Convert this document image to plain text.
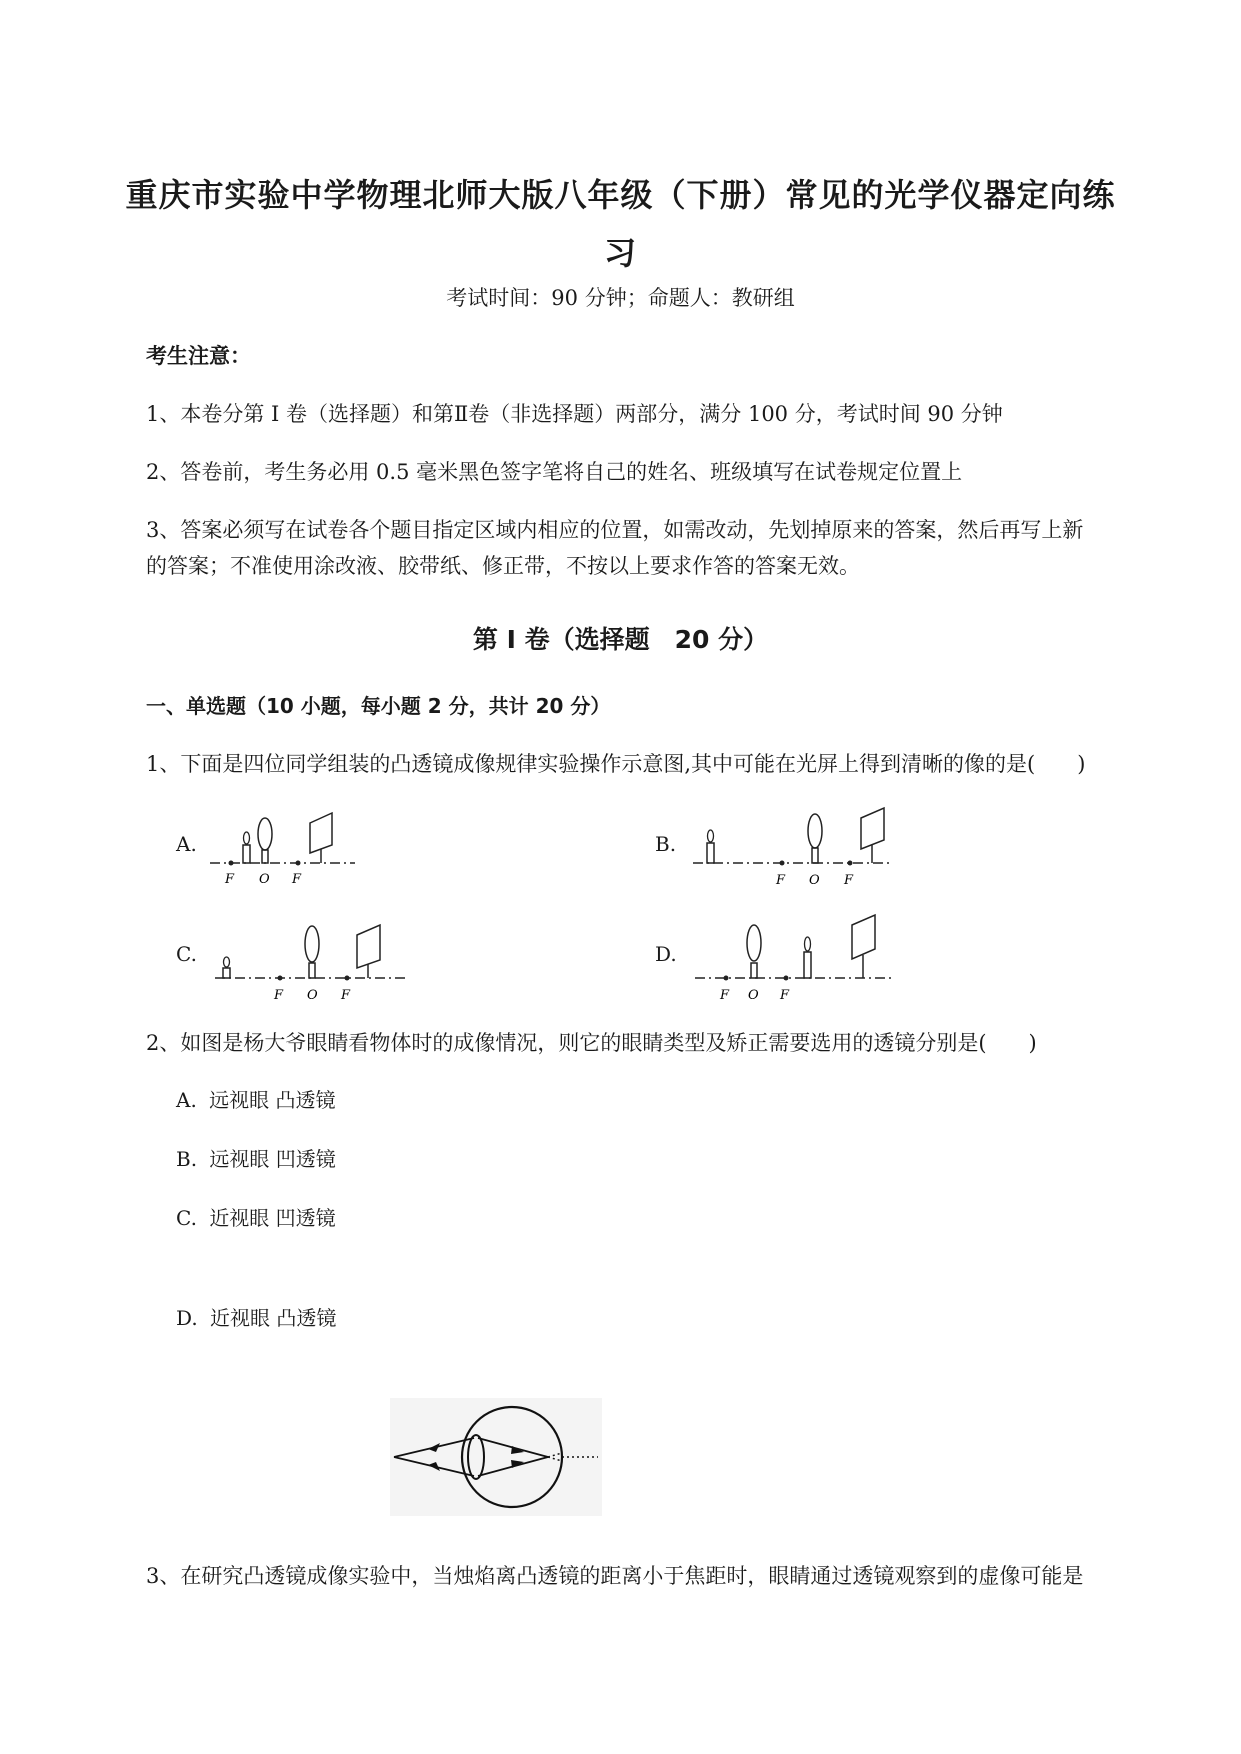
重庆市实验中学物理北师大版八年级（下册）常见的光学仪器定向练
习
考试时间：90 分钟；命题人：教研组
考生注意：
1、本卷分第 I 卷（选择题）和第Ⅱ卷（非选择题）两部分，满分 100 分，考试时间 90 分钟
2、答卷前，考生务必用 0.5 毫米黑色签字笔将自己的姓名、班级填写在试卷规定位置上
3、答案必须写在试卷各个题目指定区域内相应的位置，如需改动，先划掉原来的答案，然后再写上新
的答案；不准使用涂改液、胶带纸、修正带，不按以上要求作答的答案无效。
第 I 卷（选择题　20 分）
一、单选题（10 小题，每小题 2 分，共计 20 分）
1、下面是四位同学组装的凸透镜成像规律实验操作示意图,其中可能在光屏上得到清晰的像的是(　　)
A.	B.
C.	D.
F O F	F O F
F O F	F O F
2、如图是杨大爷眼睛看物体时的成像情况，则它的眼睛类型及矫正需要选用的透镜分别是(　　)
A. 远视眼 凸透镜
B. 远视眼 凹透镜
C. 近视眼 凹透镜
D. 近视眼 凸透镜
3、在研究凸透镜成像实验中，当烛焰离凸透镜的距离小于焦距时，眼睛通过透镜观察到的虚像可能是
